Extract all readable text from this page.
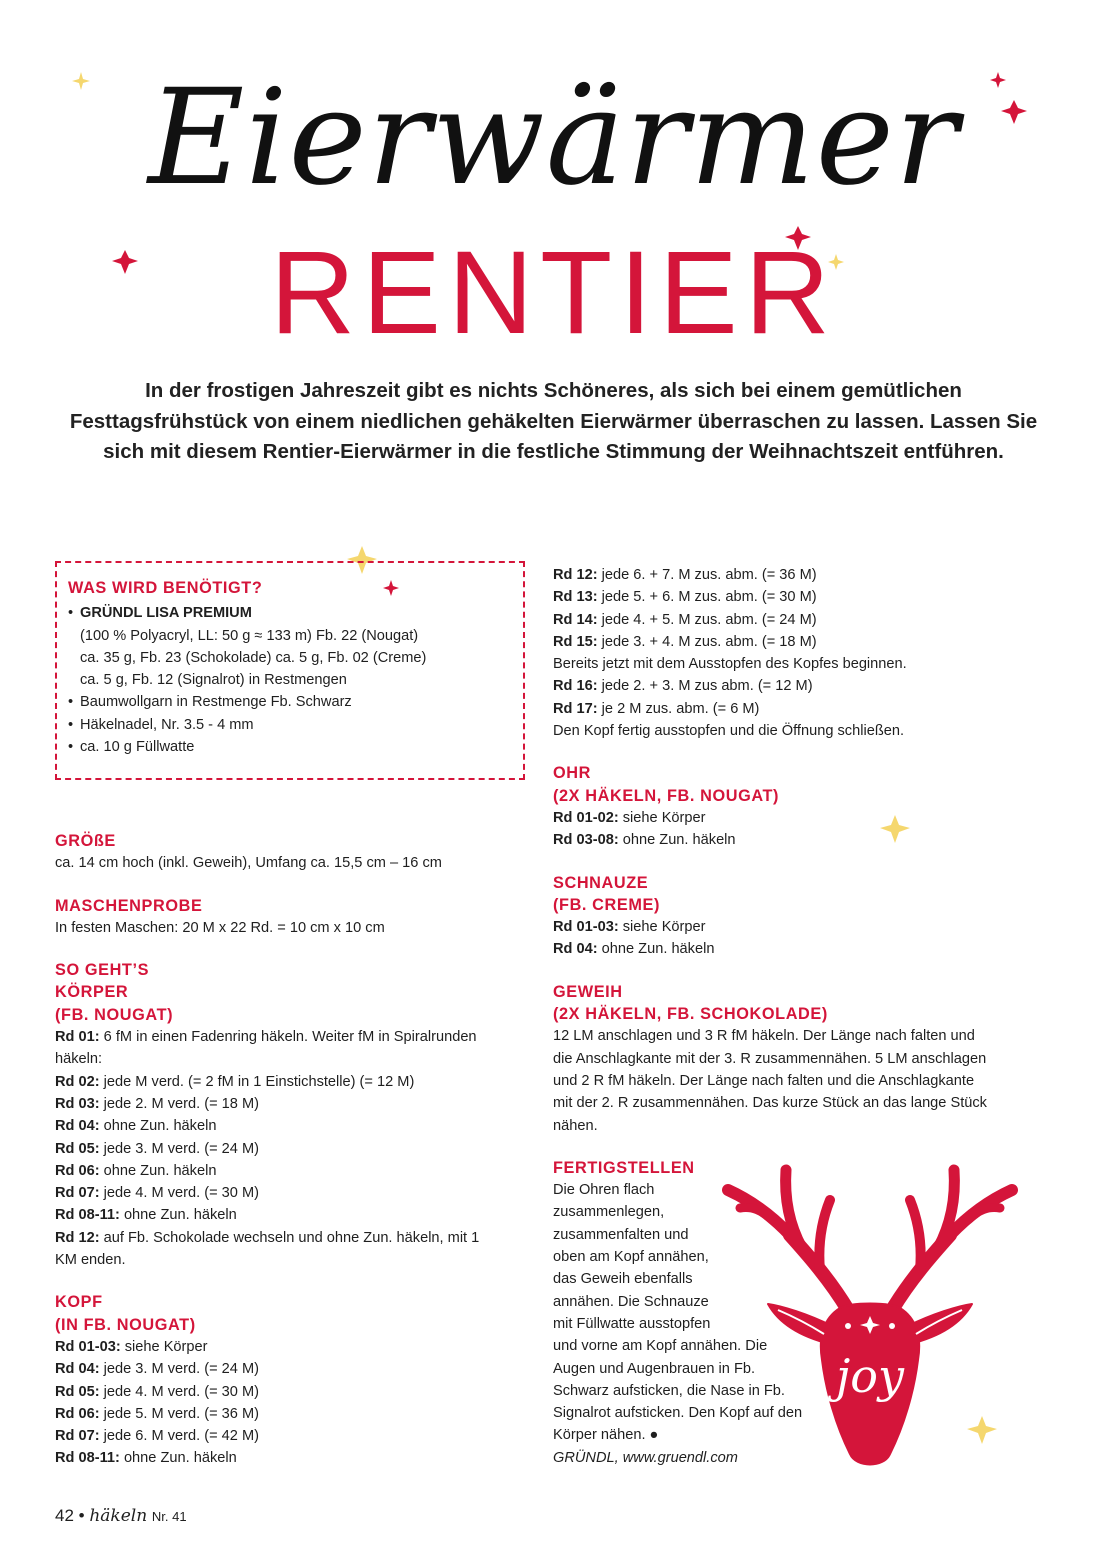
Eierwärmer
RENTIER
In der frostigen Jahreszeit gibt es nichts Schöneres, als sich bei einem gemütlichen Festtagsfrühstück von einem niedlichen gehäkelten Eierwärmer überraschen zu lassen. Lassen Sie sich mit diesem Rentier-Eierwärmer in die festliche Stimmung der Weihnachtszeit entführen.
WAS WIRD BENÖTIGT?
• GRÜNDL LISA PREMIUM
(100 % Polyacryl, LL: 50 g ≈ 133 m) Fb. 22 (Nougat)
ca. 35 g, Fb. 23 (Schokolade) ca. 5 g, Fb. 02 (Creme)
ca. 5 g, Fb. 12 (Signalrot) in Restmengen
• Baumwollgarn in Restmenge Fb. Schwarz
• Häkelnadel, Nr. 3.5 - 4 mm
• ca. 10 g Füllwatte
GRÖßE

ca. 14 cm hoch (inkl. Geweih), Umfang ca. 15,5 cm – 16 cm

MASCHENPROBE

In festen Maschen: 20 M x 22 Rd. = 10 cm x 10 cm

SO GEHT’S
KÖRPER
(FB. NOUGAT)

Rd 01: 6 fM in einen Fadenring häkeln. Weiter fM in Spiralrunden

häkeln:

Rd 02: jede M verd. (= 2 fM in 1 Einstichstelle) (= 12 M)

Rd 03: jede 2. M verd. (= 18 M)

Rd 04: ohne Zun. häkeln

Rd 05: jede 3. M verd. (= 24 M)

Rd 06: ohne Zun. häkeln

Rd 07: jede 4. M verd. (= 30 M)

Rd 08-11: ohne Zun. häkeln

Rd 12: auf Fb. Schokolade wechseln und ohne Zun. häkeln, mit 1

KM enden.

KOPF
(IN FB. NOUGAT)

Rd 01-03: siehe Körper

Rd 04: jede 3. M verd. (= 24 M)

Rd 05: jede 4. M verd. (= 30 M)

Rd 06: jede 5. M verd. (= 36 M)

Rd 07: jede 6. M verd. (= 42 M)

Rd 08-11: ohne Zun. häkeln

Rd 12: jede 6. + 7. M zus. abm. (= 36 M)

Rd 13: jede 5. + 6. M zus. abm. (= 30 M)

Rd 14: jede 4. + 5. M zus. abm. (= 24 M)

Rd 15: jede 3. + 4. M zus. abm. (= 18 M)

Bereits jetzt mit dem Ausstopfen des Kopfes beginnen.

Rd 16: jede 2. + 3. M zus abm. (= 12 M)

Rd 17: je 2 M zus. abm. (= 6 M)

Den Kopf fertig ausstopfen und die Öffnung schließen.

OHR
(2X HÄKELN, FB. NOUGAT)

Rd 01-02: siehe Körper

Rd 03-08: ohne Zun. häkeln

SCHNAUZE
(FB. CREME)

Rd 01-03: siehe Körper

Rd 04: ohne Zun. häkeln

GEWEIH
(2X HÄKELN, FB. SCHOKOLADE)

12 LM anschlagen und 3 R fM häkeln. Der Länge nach falten und

die Anschlagkante mit der 3. R zusammennähen. 5 LM anschlagen

und 2 R fM häkeln. Der Länge nach falten und die Anschlagkante

mit der 2. R zusammennähen. Das kurze Stück an das lange Stück

nähen.

FERTIGSTELLEN

Die Ohren flach

zusammenlegen,

zusammenfalten und

oben am Kopf annähen,

das Geweih ebenfalls

annähen. Die Schnauze

mit Füllwatte ausstopfen

und vorne am Kopf annähen. Die

Augen und Augenbrauen in Fb.

Schwarz aufsticken, die Nase in Fb.

Signalrot aufsticken. Den Kopf auf den

Körper nähen. ●

GRÜNDL, www.gruendl.com

joy
42 • häkeln Nr. 41
